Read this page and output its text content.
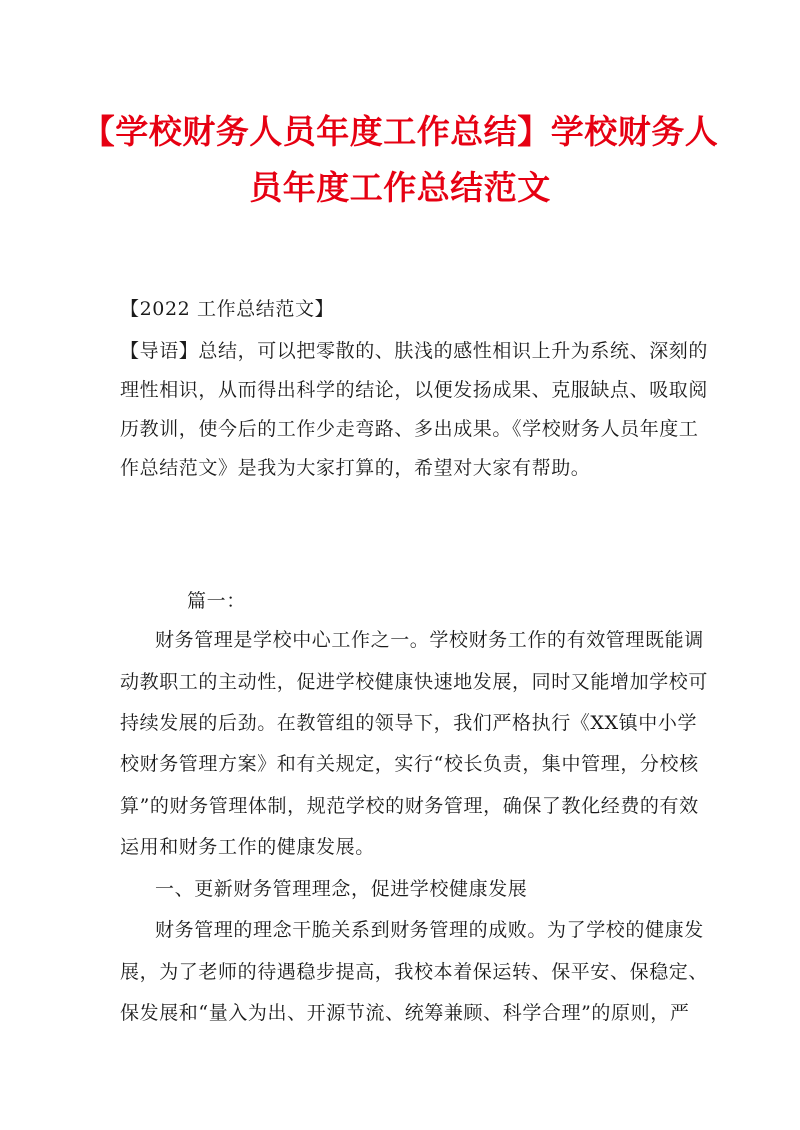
【学校财务人员年度工作总结】学校财务人
员年度工作总结范文
【2022 工作总结范文】
【导语】总结，可以把零散的、肤浅的感性相识上升为系统、深刻的
理性相识，从而得出科学的结论，以便发扬成果、克服缺点、吸取阅
历教训，使今后的工作少走弯路、多出成果。《学校财务人员年度工
作总结范文》是我为大家打算的，希望对大家有帮助。
篇一：
财务管理是学校中心工作之一。学校财务工作的有效管理既能调
动教职工的主动性，促进学校健康快速地发展，同时又能增加学校可
持续发展的后劲。在教管组的领导下，我们严格执行《XX镇中小学
校财务管理方案》和有关规定，实行“校长负责，集中管理，分校核
算”的财务管理体制，规范学校的财务管理，确保了教化经费的有效
运用和财务工作的健康发展。
一、更新财务管理理念，促进学校健康发展
财务管理的理念干脆关系到财务管理的成败。为了学校的健康发
展，为了老师的待遇稳步提高，我校本着保运转、保平安、保稳定、
保发展和“量入为出、开源节流、统筹兼顾、科学合理”的原则，严
